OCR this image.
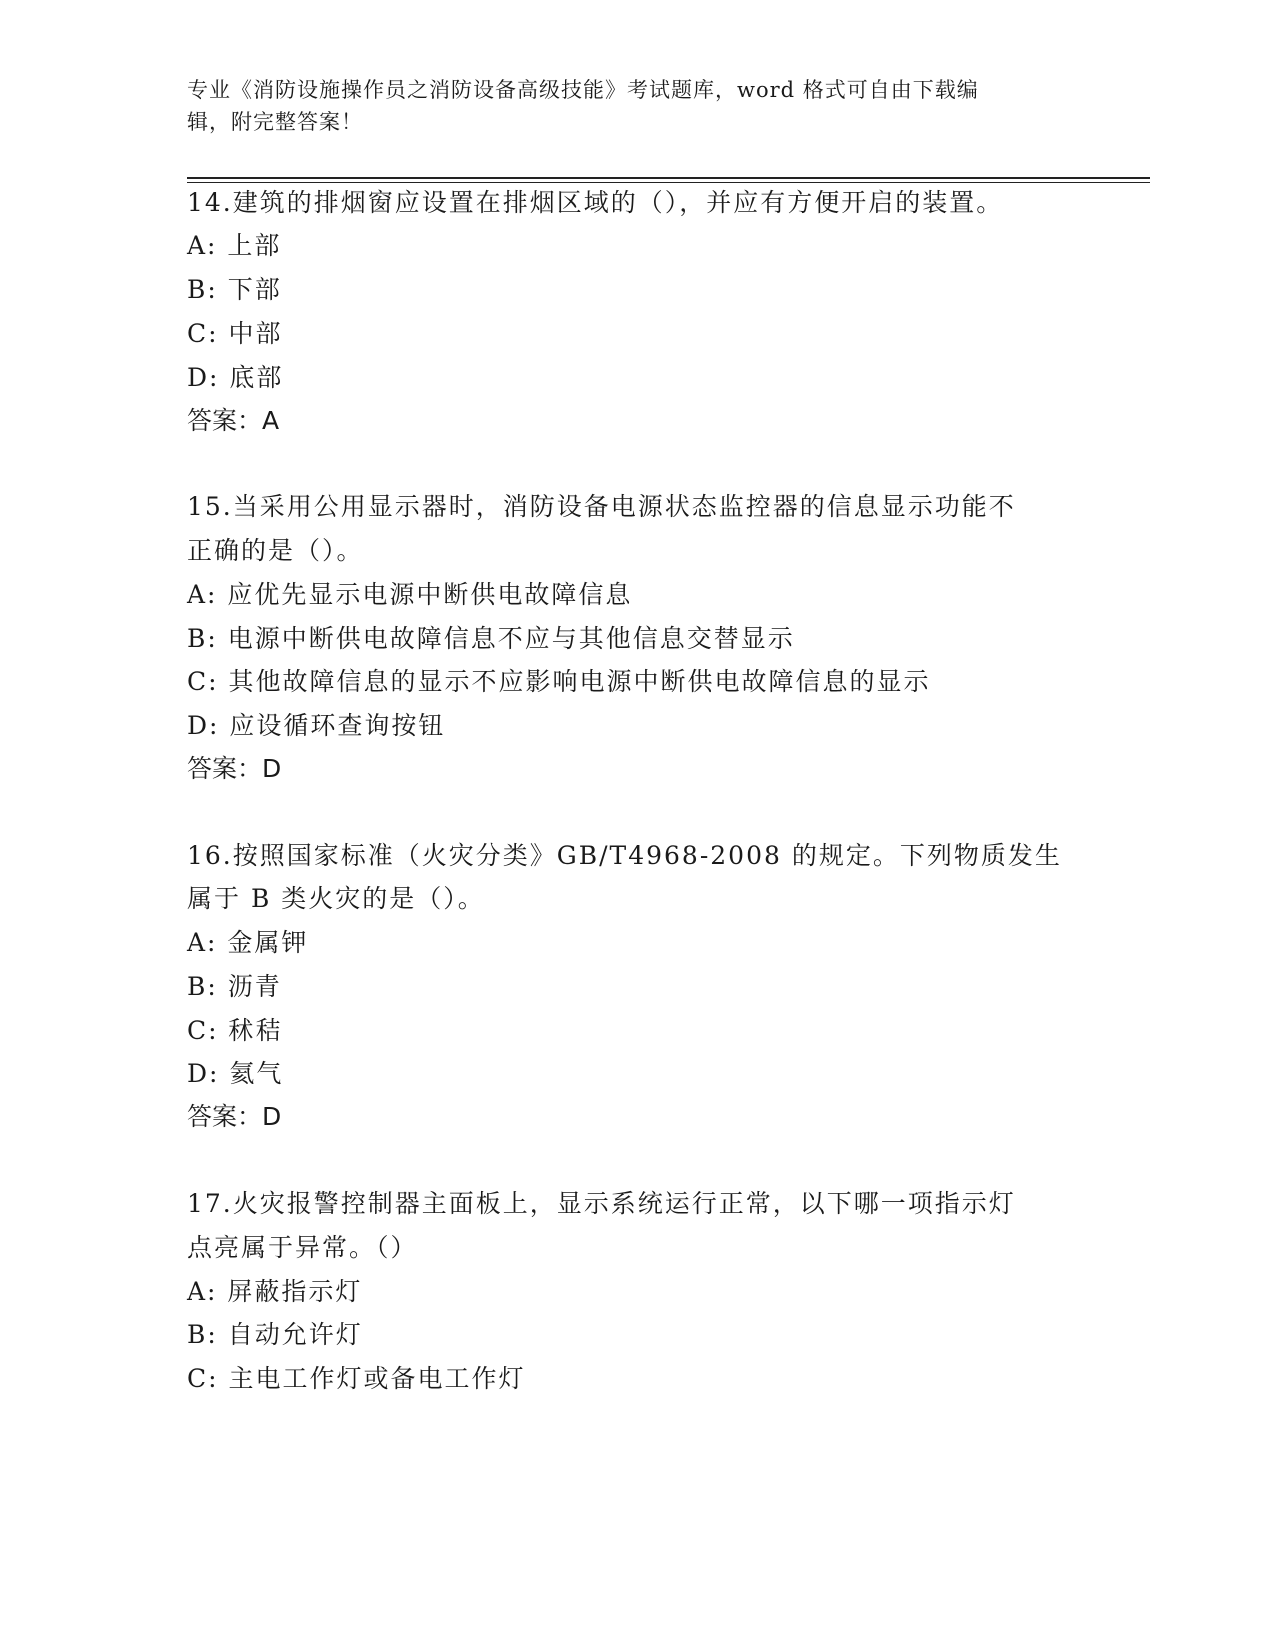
专业《消防设施操作员之消防设备高级技能》考试题库，word 格式可自由下载编
辑，附完整答案！
14.建筑的排烟窗应设置在排烟区域的（），并应有方便开启的装置。
A: 上部
B: 下部
C: 中部
D: 底部
答案：A
15.当采用公用显示器时，消防设备电源状态监控器的信息显示功能不
正确的是（）。
A: 应优先显示电源中断供电故障信息
B: 电源中断供电故障信息不应与其他信息交替显示
C: 其他故障信息的显示不应影响电源中断供电故障信息的显示
D: 应设循环查询按钮
答案：D
16.按照国家标准（火灾分类》GB/T4968-2008 的规定。下列物质发生
属于 B 类火灾的是（）。
A: 金属钾
B: 沥青
C: 秫秸
D: 氦气
答案：D
17.火灾报警控制器主面板上，显示系统运行正常，以下哪一项指示灯
点亮属于异常。（）
A: 屏蔽指示灯
B: 自动允许灯
C: 主电工作灯或备电工作灯
